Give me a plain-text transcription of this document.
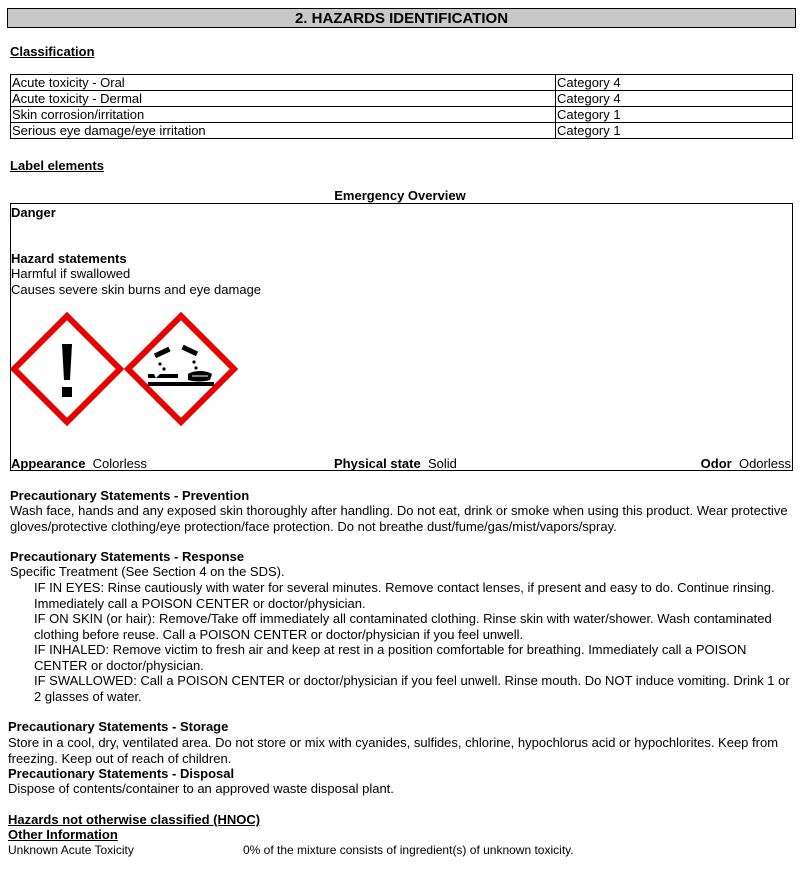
2. HAZARDS IDENTIFICATION
Classification
Acute toxicity - Oral	Category 4
Acute toxicity - Dermal	Category 4
Skin corrosion/irritation	Category 1
Serious eye damage/eye irritation	Category 1
Label elements
Emergency Overview
Danger
Hazard statements
Harmful if swallowed
Causes severe skin burns and eye damage
Appearance Colorless	Physical state Solid	Odor Odorless
Precautionary Statements - Prevention
Wash face, hands and any exposed skin thoroughly after handling. Do not eat, drink or smoke when using this product. Wear protective gloves/protective clothing/eye protection/face protection. Do not breathe dust/fume/gas/mist/vapors/spray.
Precautionary Statements - Response
Specific Treatment (See Section 4 on the SDS).
IF IN EYES: Rinse cautiously with water for several minutes. Remove contact lenses, if present and easy to do. Continue rinsing. Immediately call a POISON CENTER or doctor/physician.
IF ON SKIN (or hair): Remove/Take off immediately all contaminated clothing. Rinse skin with water/shower. Wash contaminated clothing before reuse. Call a POISON CENTER or doctor/physician if you feel unwell.
IF INHALED: Remove victim to fresh air and keep at rest in a position comfortable for breathing. Immediately call a POISON CENTER or doctor/physician.
IF SWALLOWED: Call a POISON CENTER or doctor/physician if you feel unwell. Rinse mouth. Do NOT induce vomiting. Drink 1 or 2 glasses of water.
Precautionary Statements - Storage
Store in a cool, dry, ventilated area. Do not store or mix with cyanides, sulfides, chlorine, hypochlorus acid or hypochlorites. Keep from freezing. Keep out of reach of children.
Precautionary Statements - Disposal
Dispose of contents/container to an approved waste disposal plant.
Hazards not otherwise classified (HNOC)
Other Information
Unknown Acute Toxicity	0% of the mixture consists of ingredient(s) of unknown toxicity.
